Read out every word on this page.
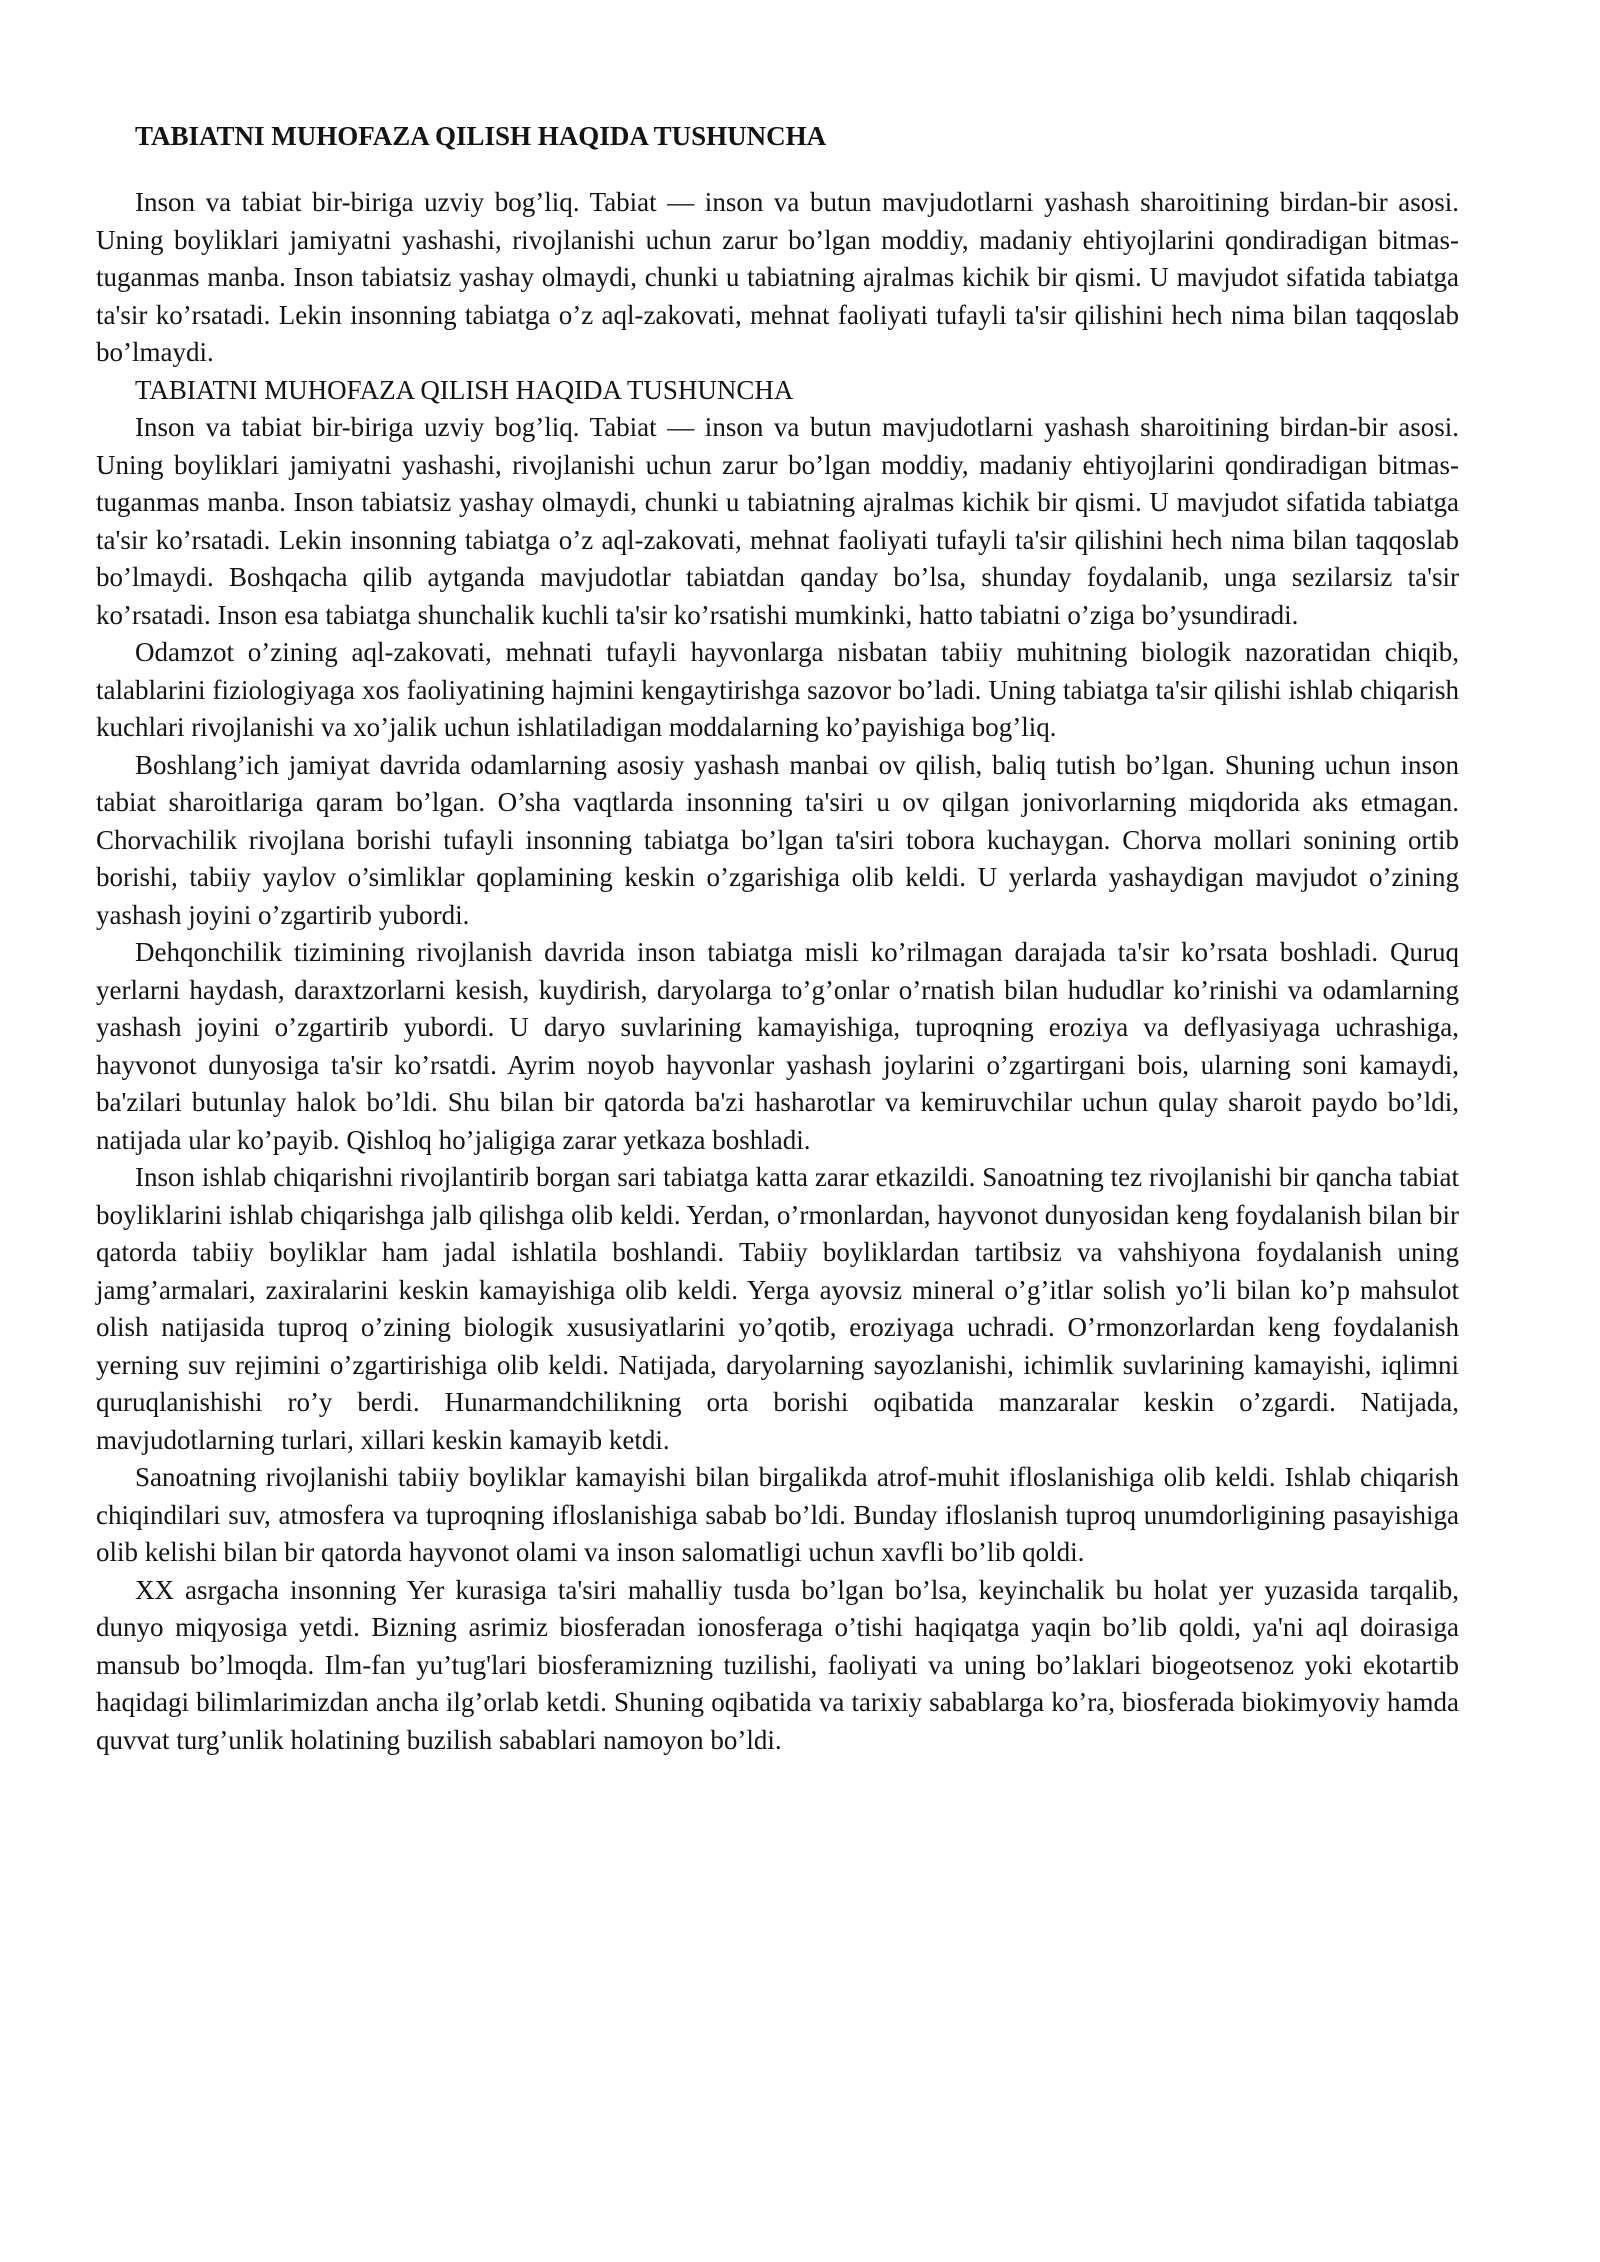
TABIATNI MUHOFAZA QILISH HAQIDA TUSHUNCHA

Inson va tabiat bir-biriga uzviy bog’liq. Tabiat — inson va butun mavjudotlarni yashash sharoitining birdan-bir asosi. Uning boyliklari jamiyatni yashashi, rivojlanishi uchun zarur bo’lgan moddiy, madaniy ehtiyojlarini qondiradigan bitmas-tuganmas manba. Inson tabiatsiz yashay olmaydi, chunki u tabiatning ajralmas kichik bir qismi. U mavjudot sifatida tabiatga ta'sir ko’rsatadi. Lekin insonning tabiatga o’z aql-zakovati, mehnat faoliyati tufayli ta'sir qilishini hech nima bilan taqqoslab bo’lmaydi.

TABIATNI MUHOFAZA QILISH HAQIDA TUSHUNCHA

Inson va tabiat bir-biriga uzviy bog’liq. Tabiat — inson va butun mavjudotlarni yashash sharoitining birdan-bir asosi. Uning boyliklari jamiyatni yashashi, rivojlanishi uchun zarur bo’lgan moddiy, madaniy ehtiyojlarini qondiradigan bitmas-tuganmas manba. Inson tabiatsiz yashay olmaydi, chunki u tabiatning ajralmas kichik bir qismi. U mavjudot sifatida tabiatga ta'sir ko’rsatadi. Lekin insonning tabiatga o’z aql-zakovati, mehnat faoliyati tufayli ta'sir qilishini hech nima bilan taqqoslab bo’lmaydi. Boshqacha qilib aytganda mavjudotlar tabiatdan qanday bo’lsa, shunday foydalanib, unga sezilarsiz ta'sir ko’rsatadi. Inson esa tabiatga shunchalik kuchli ta'sir ko’rsatishi mumkinki, hatto tabiatni o’ziga bo’ysundiradi.

Odamzot o’zining aql-zakovati, mehnati tufayli hayvonlarga nisbatan tabiiy muhitning biologik nazoratidan chiqib, talablarini fiziologiyaga xos faoliyatining hajmini kengaytirishga sazovor bo’ladi. Uning tabiatga ta'sir qilishi ishlab chiqarish kuchlari rivojlanishi va xo’jalik uchun ishlatiladigan moddalarning ko’payishiga bog’liq.

Boshlang’ich jamiyat davrida odamlarning asosiy yashash manbai ov qilish, baliq tutish bo’lgan. Shuning uchun inson tabiat sharoitlariga qaram bo’lgan. O’sha vaqtlarda insonning ta'siri u ov qilgan jonivorlarning miqdorida aks etmagan. Chorvachilik rivojlana borishi tufayli insonning tabiatga bo’lgan ta'siri tobora kuchaygan. Chorva mollari sonining ortib borishi, tabiiy yaylov o’simliklar qoplamining keskin o’zgarishiga olib keldi. U yerlarda yashaydigan mavjudot o’zining yashash joyini o’zgartirib yubordi.

Dehqonchilik tizimining rivojlanish davrida inson tabiatga misli ko’rilmagan darajada ta'sir ko’rsata boshladi. Quruq yerlarni haydash, daraxtzorlarni kesish, kuydirish, daryolarga to’g’onlar o’rnatish bilan hududlar ko’rinishi va odamlarning yashash joyini o’zgartirib yubordi. U daryo suvlarining kamayishiga, tuproqning eroziya va deflyasiyaga uchrashiga, hayvonot dunyosiga ta'sir ko’rsatdi. Ayrim noyob hayvonlar yashash joylarini o’zgartirgani bois, ularning soni kamaydi, ba'zilari butunlay halok bo’ldi. Shu bilan bir qatorda ba'zi hasharotlar va kemiruvchilar uchun qulay sharoit paydo bo’ldi, natijada ular ko’payib. Qishloq ho’jaligiga zarar yetkaza boshladi.

Inson ishlab chiqarishni rivojlantirib borgan sari tabiatga katta zarar etkazildi. Sanoatning tez rivojlanishi bir qancha tabiat boyliklarini ishlab chiqarishga jalb qilishga olib keldi. Yerdan, o’rmonlardan, hayvonot dunyosidan keng foydalanish bilan bir qatorda tabiiy boyliklar ham jadal ishlatila boshlandi. Tabiiy boyliklardan tartibsiz va vahshiyona foydalanish uning jamg’armalari, zaxiralarini keskin kamayishiga olib keldi. Yerga ayovsiz mineral o’g’itlar solish yo’li bilan ko’p mahsulot olish natijasida tuproq o’zining biologik xususiyatlarini yo’qotib, eroziyaga uchradi. O’rmonzorlardan keng foydalanish yerning suv rejimini o’zgartirishiga olib keldi. Natijada, daryolarning sayozlanishi, ichimlik suvlarining kamayishi, iqlimni quruqlanishishi ro’y berdi. Hunarmandchilikning orta borishi oqibatida manzaralar keskin o’zgardi. Natijada, mavjudotlarning turlari, xillari keskin kamayib ketdi.

Sanoatning rivojlanishi tabiiy boyliklar kamayishi bilan birgalikda atrof-muhit ifloslanishiga olib keldi. Ishlab chiqarish chiqindilari suv, atmosfera va tuproqning ifloslanishiga sabab bo’ldi. Bunday ifloslanish tuproq unumdorligining pasayishiga olib kelishi bilan bir qatorda hayvonot olami va inson salomatligi uchun xavfli bo’lib qoldi.

XX asrgacha insonning Yer kurasiga ta'siri mahalliy tusda bo’lgan bo’lsa, keyinchalik bu holat yer yuzasida tarqalib, dunyo miqyosiga yetdi. Bizning asrimiz biosferadan ionosferaga o’tishi haqiqatga yaqin bo’lib qoldi, ya'ni aql doirasiga mansub bo’lmoqda. Ilm-fan yu’tug'lari biosferamizning tuzilishi, faoliyati va uning bo’laklari biogeotsenoz yoki ekotartib haqidagi bilimlarimizdan ancha ilg’orlab ketdi. Shuning oqibatida va tarixiy sabablarga ko’ra, biosferada biokimyoviy hamda quvvat turg’unlik holatining buzilish sabablari namoyon bo’ldi.
